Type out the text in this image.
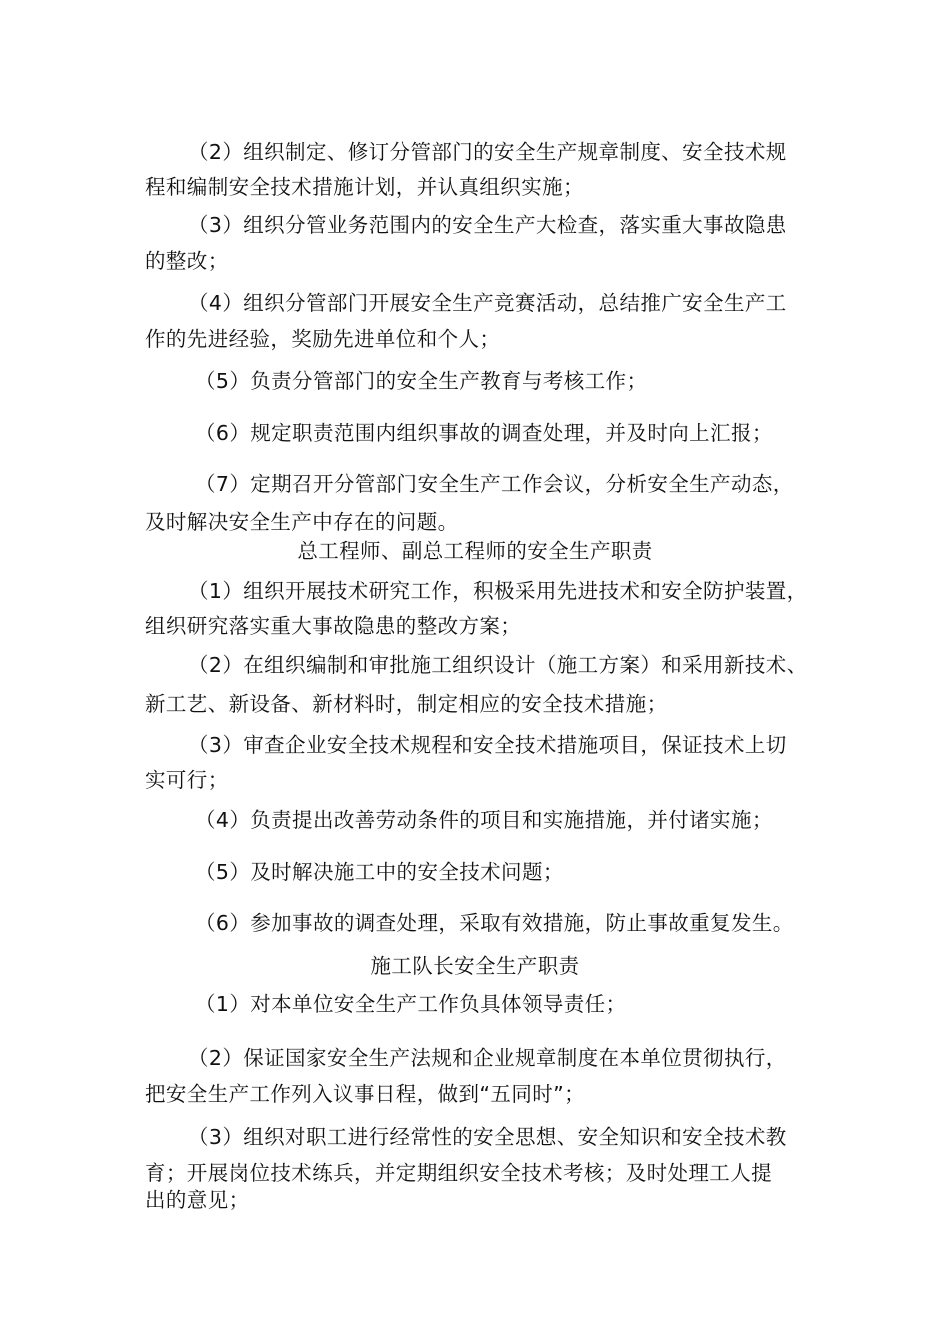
（2）组织制定、修订分管部门的安全生产规章制度、安全技术规
程和编制安全技术措施计划，并认真组织实施；
（3）组织分管业务范围内的安全生产大检查，落实重大事故隐患
的整改；
（4）组织分管部门开展安全生产竞赛活动，总结推广安全生产工
作的先进经验，奖励先进单位和个人；
（5）负责分管部门的安全生产教育与考核工作；
（6）规定职责范围内组织事故的调查处理，并及时向上汇报；
（7）定期召开分管部门安全生产工作会议，分析安全生产动态，
及时解决安全生产中存在的问题。
总工程师、副总工程师的安全生产职责
（1）组织开展技术研究工作，积极采用先进技术和安全防护装置，
组织研究落实重大事故隐患的整改方案；
（2）在组织编制和审批施工组织设计（施工方案）和采用新技术、
新工艺、新设备、新材料时，制定相应的安全技术措施；
（3）审查企业安全技术规程和安全技术措施项目，保证技术上切
实可行；
（4）负责提出改善劳动条件的项目和实施措施，并付诸实施；
（5）及时解决施工中的安全技术问题；
（6）参加事故的调查处理，采取有效措施，防止事故重复发生。
施工队长安全生产职责
（1）对本单位安全生产工作负具体领导责任；
（2）保证国家安全生产法规和企业规章制度在本单位贯彻执行，
把安全生产工作列入议事日程，做到“五同时”；
（3）组织对职工进行经常性的安全思想、安全知识和安全技术教
育；开展岗位技术练兵，并定期组织安全技术考核；及时处理工人提
出的意见；
